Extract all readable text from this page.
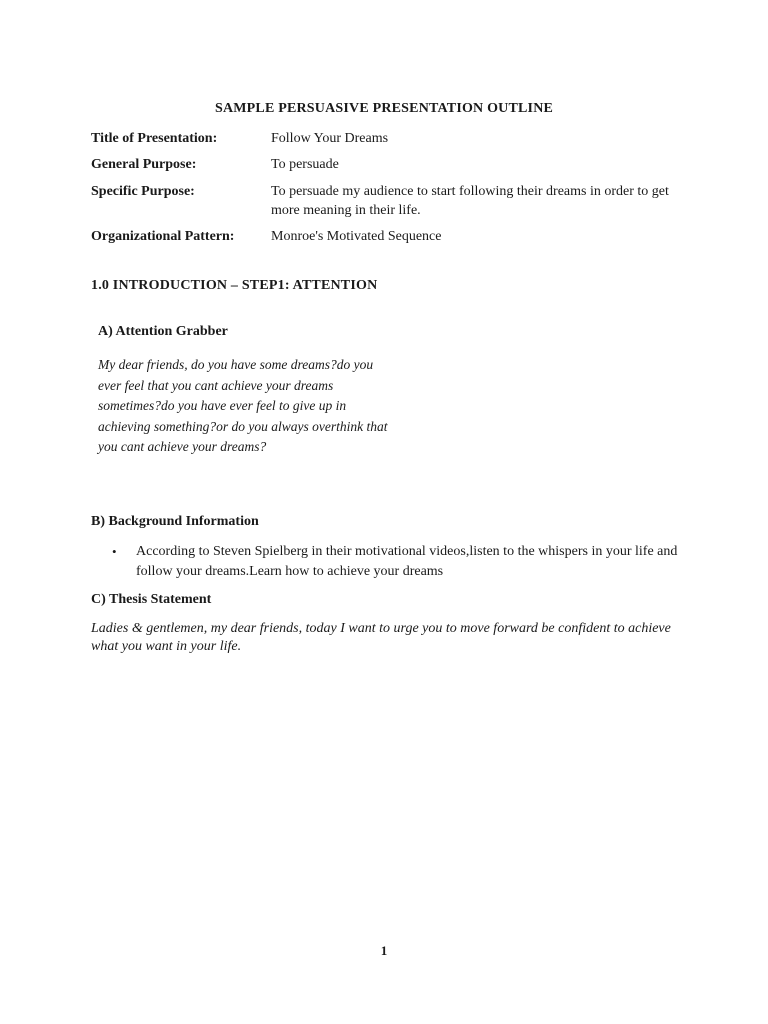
SAMPLE PERSUASIVE PRESENTATION OUTLINE
Title of Presentation:	Follow Your Dreams
General Purpose:	To persuade
Specific Purpose:	To persuade my audience to start following their dreams in order to get more meaning in their life.
Organizational Pattern:	Monroe's Motivated Sequence
1.0 INTRODUCTION – STEP1: ATTENTION
A) Attention Grabber
My dear friends, do you have some dreams?do you ever feel that you cant achieve your dreams sometimes?do you have ever feel to give up in achieving something?or do you always overthink that you cant achieve your dreams?
B) Background Information
• According to Steven Spielberg in their motivational videos,listen to the whispers in your life and follow your dreams.Learn how to achieve your dreams
C) Thesis Statement
Ladies & gentlemen, my dear friends, today I want to urge you to move forward be confident to achieve what you want in your life.
1
